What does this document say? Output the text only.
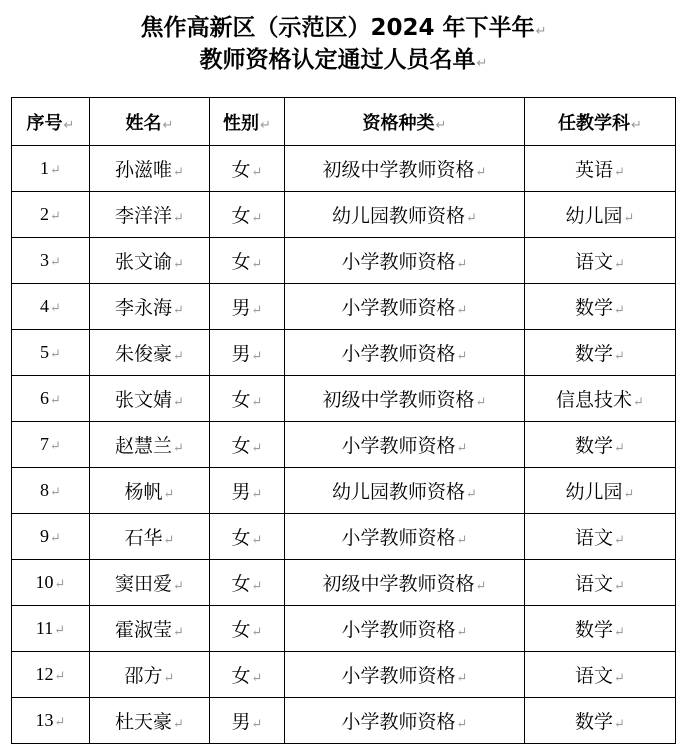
焦作高新区（示范区）2024 年下半年↵
教师资格认定通过人员名单↵
序号↵	姓名↵	性别↵	资格种类↵	任教学科↵
1↵	孙滋唯↵	女↵	初级中学教师资格↵	英语↵
2↵	李洋洋↵	女↵	幼儿园教师资格↵	幼儿园↵
3↵	张文谕↵	女↵	小学教师资格↵	语文↵
4↵	李永海↵	男↵	小学教师资格↵	数学↵
5↵	朱俊豪↵	男↵	小学教师资格↵	数学↵
6↵	张文婧↵	女↵	初级中学教师资格↵	信息技术↵
7↵	赵慧兰↵	女↵	小学教师资格↵	数学↵
8↵	杨帆↵	男↵	幼儿园教师资格↵	幼儿园↵
9↵	石华↵	女↵	小学教师资格↵	语文↵
10↵	窦田爱↵	女↵	初级中学教师资格↵	语文↵
11↵	霍淑莹↵	女↵	小学教师资格↵	数学↵
12↵	邵方↵	女↵	小学教师资格↵	语文↵
13↵	杜天豪↵	男↵	小学教师资格↵	数学↵
